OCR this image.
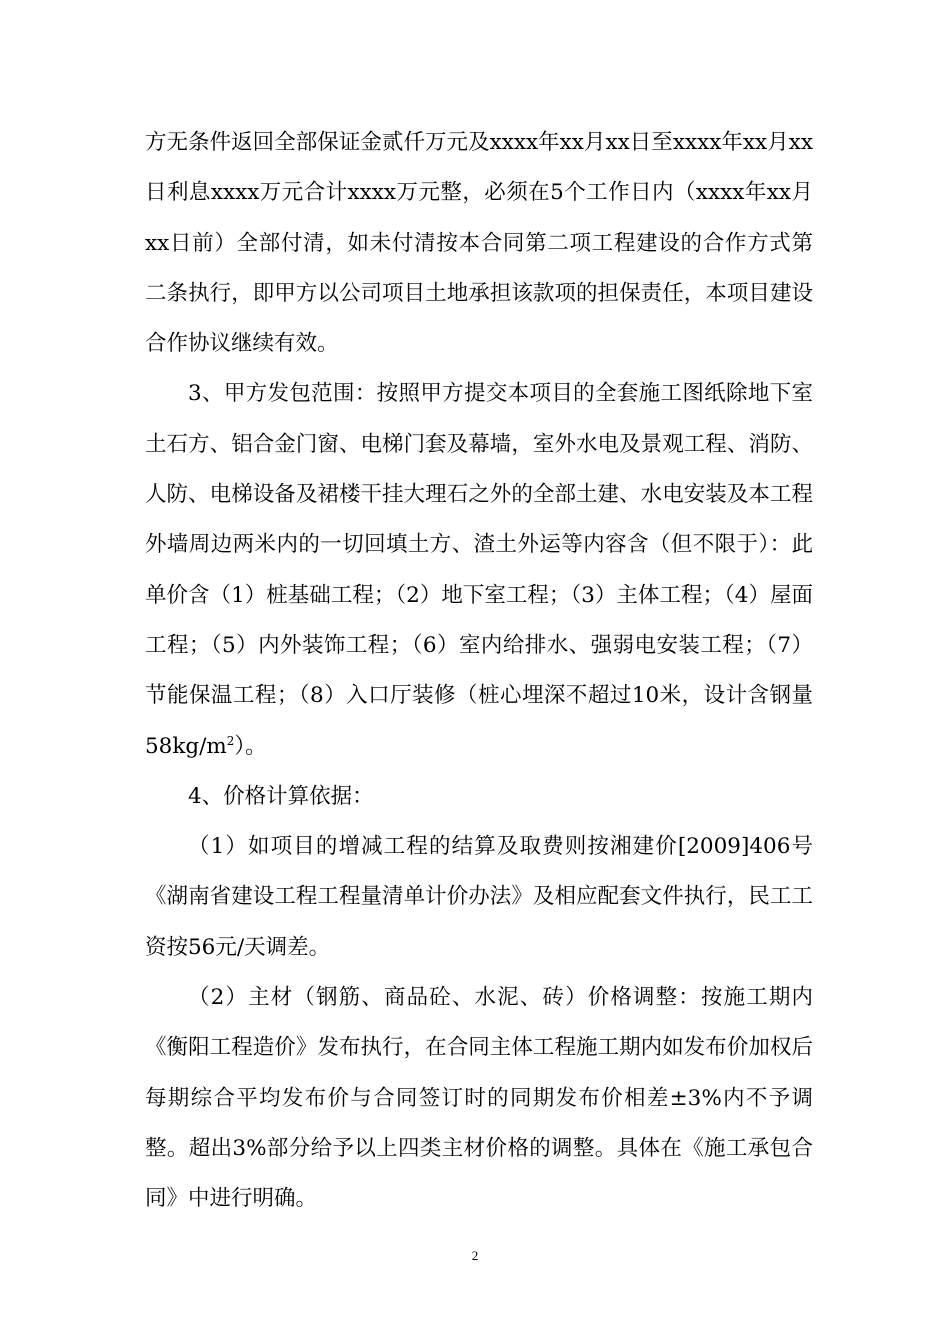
方无条件返回全部保证金贰仟万元及xxxx年xx月xx日至xxxx年xx月xx日利息xxxx万元合计xxxx万元整，必须在5个工作日内（xxxx年xx月xx日前）全部付清，如未付清按本合同第二项工程建设的合作方式第二条执行，即甲方以公司项目土地承担该款项的担保责任，本项目建设合作协议继续有效。

3、甲方发包范围：按照甲方提交本项目的全套施工图纸除地下室土石方、铝合金门窗、电梯门套及幕墙，室外水电及景观工程、消防、人防、电梯设备及裙楼干挂大理石之外的全部土建、水电安装及本工程外墙周边两米内的一切回填土方、渣土外运等内容含（但不限于）：此单价含（1）桩基础工程；（2）地下室工程；（3）主体工程；（4）屋面工程；（5）内外装饰工程；（6）室内给排水、强弱电安装工程；（7）节能保温工程；（8）入口厅装修（桩心埋深不超过10米，设计含钢量$58kg/m^2$）。

4、价格计算依据：

（1）如项目的增减工程的结算及取费则按湘建价[2009]406号《湖南省建设工程工程量清单计价办法》及相应配套文件执行，民工工资按56元/天调差。

（2）主材（钢筋、商品砼、水泥、砖）价格调整：按施工期内《衡阳工程造价》发布执行，在合同主体工程施工期内如发布价加权后每期综合平均发布价与合同签订时的同期发布价相差±3%内不予调整。超出3%部分给予以上四类主材价格的调整。具体在《施工承包合同》中进行明确。

2
